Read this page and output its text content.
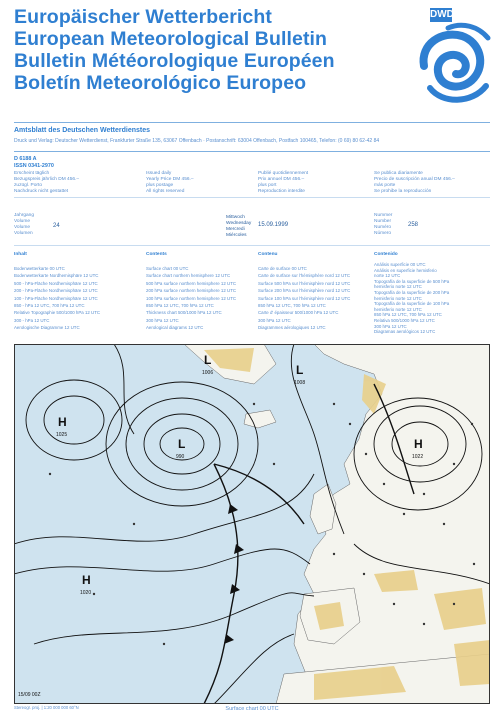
Europäischer Wetterbericht
European Meteorological Bulletin
Bulletin Météorologique Européen
Boletín Meteorológico Europeo
DWD
Amtsblatt des Deutschen Wetterdienstes
Druck und Verlag: Deutscher Wetterdienst, Frankfurter Straße 135, 63067 Offenbach · Postanschrift: 63004 Offenbach, Postfach 100465, Telefon: (0 69) 80 62-42 84
D 6188 A
ISSN 0341-2970
Erscheint täglich
Bezugspreis jährlich DM 456.–
zuzügl. Porto
Nachdruck nicht gestattet
Issued daily
Yearly Price DM 456.–
plus postage
All rights reserved
Publié quotidiennement
Prix annuel DM 456.–
plus port
Reproduction interdite
Se publica diariamente
Precio de suscripción anual DM 456.–
más porte
Se prohibe la reproducción
Jahrgang
Volume
Volume
Volumen
24
Mittwoch
Wednesday
Mercredi
Miércoles
15.09.1999
Nummer
Number
Numéro
Número
258
Inhalt
Bodenwetterkarte 00 UTC
Bodenwetterkarte Nordhemisphäre 12 UTC
500 - hPa-Fläche Nordhemisphäre 12 UTC
200 - hPa-Fläche Nordhemisphäre 12 UTC
100 - hPa-Fläche Nordhemisphäre 12 UTC
850 - hPa 12 UTC, 700 hPa 12 UTC
Relative Topographie 500/1000 hPa 12 UTC
300 - hPa 12 UTC
Aerologische Diagramme 12 UTC
Contents
Surface chart 00 UTC
Surface chart northern hemisphere 12 UTC
500 hPa surface northern hemisphere 12 UTC
200 hPa surface northern hemisphere 12 UTC
100 hPa surface northern hemisphere 12 UTC
850 hPa 12 UTC, 700 hPa 12 UTC
Thickness chart 500/1000 hPa 12 UTC
300 hPa 12 UTC
Aerological diagrams 12 UTC
Contenu
Carte de surface 00 UTC
Carte de surface sur l'hémisphère nord 12 UTC
Surface 500 hPa sur l'hémisphère nord 12 UTC
Surface 200 hPa sur l'hémisphère nord 12 UTC
Surface 100 hPa sur l'hémisphère nord 12 UTC
850 hPa 12 UTC, 700 hPa 12 UTC
Carte d' épaisseur 500/1000 hPa 12 UTC
300 hPa 12 UTC
Diagrammes aérologiques 12 UTC
Contenido
Análisis superficie 00 UTC
Análisis en superficie hemisferio
norte 12 UTC
Topografía de la superficie de 500 hPa
hemisferio norte 12 UTC
Topografía de la superficie de 200 hPa
hemisferio norte 12 UTC
Topografía de la superficie de 100 hPa
hemisferio norte 12 UTC
850 hPa 12 UTC, 700 hPa 12 UTC
Relativa 500/1000 hPa 12 UTC
300 hPa 12 UTC
Diagramas aerológicos 12 UTC
H
1025
L
990
L
1008
H
1022
L
1006
H
1020
15/09 00Z
Stereogr. proj. | 1:20 000 000 60°N	Surface chart 00 UTC
